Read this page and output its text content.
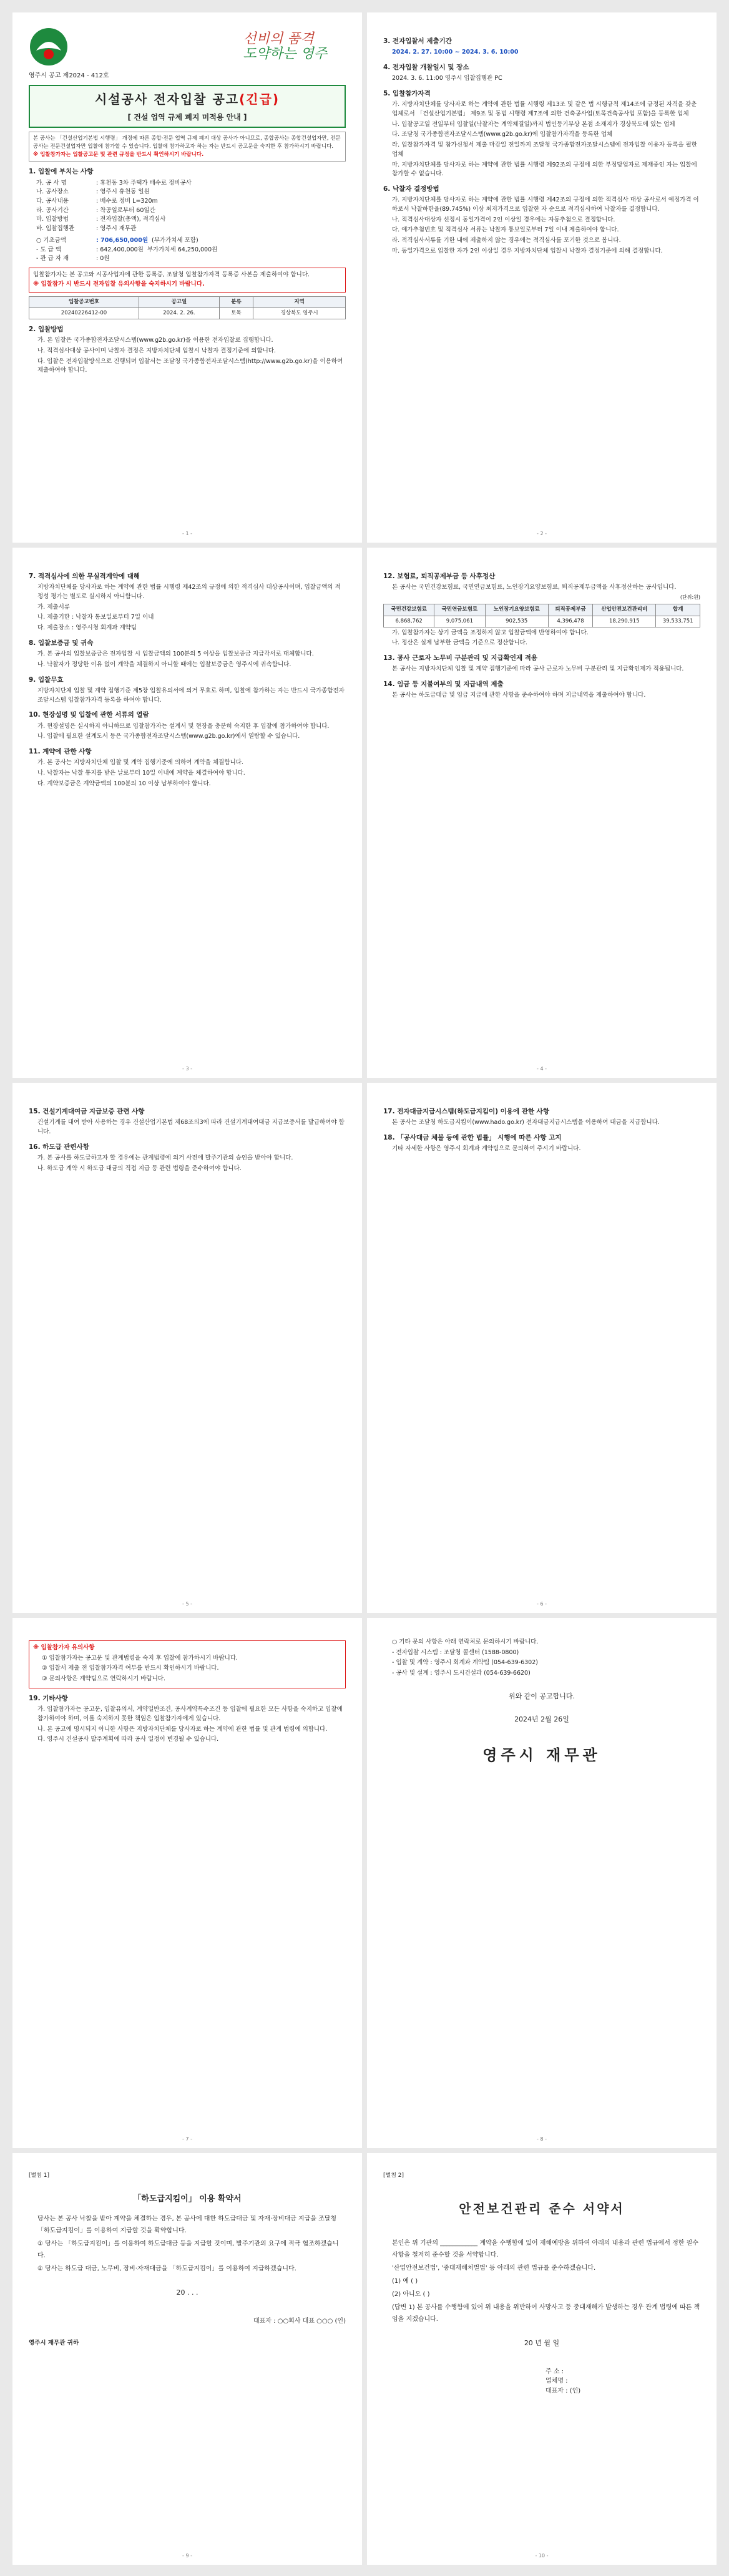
선비의 품격
도약하는 영주
영주시 공고 제2024 - 412호
시설공사 전자입찰 공고(긴급)
[ 건설 업역 규제 폐지 미적용 안내 ]
본 공사는 「건설산업기본법 시행령」 개정에 따른 종합·전문 업역 규제 폐지 대상 공사가 아니므로, 종합공사는 종합건설업자만, 전문공사는 전문건설업자만 입찰에 참가할 수 있습니다. 입찰에 참가하고자 하는 자는 반드시 공고문을 숙지한 후 참가하시기 바랍니다.
※ 입찰참가자는 입찰공고문 및 관련 규정을 반드시 확인하시기 바랍니다.
1. 입찰에 부치는 사항
가. 공 사 명	: 휴천동 3차 주택가 배수로 정비공사
나. 공사장소	: 영주시 휴천동 일원
다. 공사내용	: 배수로 정비 L=320m
라. 공사기간	: 착공일로부터 60일간
마. 입찰방법	: 전자입찰(총액), 적격심사
바. 입찰집행관	: 영주시 재무관
○ 기초금액	: 706,650,000원 (부가가치세 포함)
- 도 급 액	: 642,400,000원 부가가치세 64,250,000원
- 관 급 자 재	: 0원
입찰참가자는 본 공고와 시공사업자에 관한 등록증, 조달청 입찰참가자격 등록증 사본을 제출하여야 합니다.
※ 입찰참가 시 반드시 전자입찰 유의사항을 숙지하시기 바랍니다.
입찰공고번호	공고일	분류	지역
20240226412-00	2024. 2. 26.	토목	경상북도 영주시
2. 입찰방법
가. 본 입찰은 국가종합전자조달시스템(www.g2b.go.kr)을 이용한 전자입찰로 집행합니다.
나. 적격심사대상 공사이며 낙찰자 결정은 지방자치단체 입찰시 낙찰자 결정기준에 의합니다.
다. 입찰은 전자입찰방식으로 진행되며 입찰서는 조달청 국가종합전자조달시스템(http://www.g2b.go.kr)을 이용하여 제출하여야 합니다.
- 1 -
3. 전자입찰서 제출기간
2024. 2. 27. 10:00 ~ 2024. 3. 6. 10:00
4. 전자입찰 개찰일시 및 장소
2024. 3. 6. 11:00 영주시 입찰집행관 PC
5. 입찰참가자격
가. 지방자치단체를 당사자로 하는 계약에 관한 법률 시행령 제13조 및 같은 법 시행규칙 제14조에 규정된 자격을 갖춘 업체로서 「건설산업기본법」 제9조 및 동법 시행령 제7조에 의한 건축공사업(토목건축공사업 포함)을 등록한 업체
나. 입찰공고일 전일부터 입찰일(낙찰자는 계약체결일)까지 법인등기부상 본점 소재지가 경상북도에 있는 업체
다. 조달청 국가종합전자조달시스템(www.g2b.go.kr)에 입찰참가자격을 등록한 업체
라. 입찰참가자격 및 참가신청서 제출 마감일 전일까지 조달청 국가종합전자조달시스템에 전자입찰 이용자 등록을 필한 업체
마. 지방자치단체를 당사자로 하는 계약에 관한 법률 시행령 제92조의 규정에 의한 부정당업자로 제재중인 자는 입찰에 참가할 수 없습니다.
6. 낙찰자 결정방법
가. 지방자치단체를 당사자로 하는 계약에 관한 법률 시행령 제42조의 규정에 의한 적격심사 대상 공사로서 예정가격 이하로서 낙찰하한율(89.745%) 이상 최저가격으로 입찰한 자 순으로 적격심사하여 낙찰자를 결정합니다.
나. 적격심사대상자 선정시 동일가격이 2인 이상일 경우에는 자동추첨으로 결정합니다.
다. 예가추첨번호 및 적격심사 서류는 낙찰자 통보일로부터 7일 이내 제출하여야 합니다.
라. 적격심사서류를 기한 내에 제출하지 않는 경우에는 적격심사를 포기한 것으로 봅니다.
마. 동일가격으로 입찰한 자가 2인 이상일 경우 지방자치단체 입찰시 낙찰자 결정기준에 의해 결정합니다.
- 2 -
7. 적격심사에 의한 무실격계약에 대해
지방자치단체를 당사자로 하는 계약에 관한 법률 시행령 제42조의 규정에 의한 적격심사 대상공사이며, 입찰금액의 적정성 평가는 별도로 실시하지 아니합니다.
가. 제출서류
나. 제출기한 : 낙찰자 통보일로부터 7일 이내
다. 제출장소 : 영주시청 회계과 계약팀
8. 입찰보증금 및 귀속
가. 본 공사의 입찰보증금은 전자입찰 시 입찰금액의 100분의 5 이상을 입찰보증금 지급각서로 대체합니다.
나. 낙찰자가 정당한 이유 없이 계약을 체결하지 아니할 때에는 입찰보증금은 영주시에 귀속합니다.
9. 입찰무효
지방자치단체 입찰 및 계약 집행기준 제5장 입찰유의서에 의거 무효로 하며, 입찰에 참가하는 자는 반드시 국가종합전자조달시스템 입찰참가자격 등록을 하여야 합니다.
10. 현장설명 및 입찰에 관한 서류의 열람
가. 현장설명은 실시하지 아니하므로 입찰참가자는 설계서 및 현장을 충분히 숙지한 후 입찰에 참가하여야 합니다.
나. 입찰에 필요한 설계도서 등은 국가종합전자조달시스템(www.g2b.go.kr)에서 열람할 수 있습니다.
11. 계약에 관한 사항
가. 본 공사는 지방자치단체 입찰 및 계약 집행기준에 의하여 계약을 체결합니다.
나. 낙찰자는 낙찰 통지를 받은 날로부터 10일 이내에 계약을 체결하여야 합니다.
다. 계약보증금은 계약금액의 100분의 10 이상 납부하여야 합니다.
- 3 -
12. 보험료, 퇴직공제부금 등 사후정산
본 공사는 국민건강보험료, 국민연금보험료, 노인장기요양보험료, 퇴직공제부금액을 사후정산하는 공사입니다.
(단위:원)
국민건강보험료	국민연금보험료	노인장기요양보험료	퇴직공제부금	산업안전보건관리비	합계
6,868,762	9,075,061	902,535	4,396,478	18,290,915	39,533,751
가. 입찰참가자는 상기 금액을 조정하지 않고 입찰금액에 반영하여야 합니다.
나. 정산은 실제 납부한 금액을 기준으로 정산합니다.
13. 공사 근로자 노무비 구분관리 및 지급확인제 적용
본 공사는 지방자치단체 입찰 및 계약 집행기준에 따라 공사 근로자 노무비 구분관리 및 지급확인제가 적용됩니다.
14. 임금 등 지불여부의 및 지급내역 제출
본 공사는 하도급대금 및 임금 지급에 관한 사항을 준수하여야 하며 지급내역을 제출하여야 합니다.
- 4 -
15. 건설기계대여금 지급보증 관련 사항
건설기계를 대여 받아 사용하는 경우 건설산업기본법 제68조의3에 따라 건설기계대여대금 지급보증서를 발급하여야 합니다.
16. 하도급 관련사항
가. 본 공사를 하도급하고자 할 경우에는 관계법령에 의거 사전에 발주기관의 승인을 받아야 합니다.
나. 하도급 계약 시 하도급 대금의 직접 지급 등 관련 법령을 준수하여야 합니다.
- 5 -
17. 전자대금지급시스템(하도급지킴이) 이용에 관한 사항
본 공사는 조달청 하도급지킴이(www.hado.go.kr) 전자대금지급시스템을 이용하여 대금을 지급합니다.
18. 「공사대금 체불 등에 관한 법률」 시행에 따른 사항 고지
기타 자세한 사항은 영주시 회계과 계약팀으로 문의하여 주시기 바랍니다.
- 6 -
※ 입찰참가자 유의사항
① 입찰참가자는 공고문 및 관계법령을 숙지 후 입찰에 참가하시기 바랍니다.
② 입찰서 제출 전 입찰참가자격 여부를 반드시 확인하시기 바랍니다.
③ 문의사항은 계약팀으로 연락하시기 바랍니다.
19. 기타사항
가. 입찰참가자는 공고문, 입찰유의서, 계약일반조건, 공사계약특수조건 등 입찰에 필요한 모든 사항을 숙지하고 입찰에 참가하여야 하며, 이를 숙지하지 못한 책임은 입찰참가자에게 있습니다.
나. 본 공고에 명시되지 아니한 사항은 지방자치단체를 당사자로 하는 계약에 관한 법률 및 관계 법령에 의합니다.
다. 영주시 건설공사 발주계획에 따라 공사 일정이 변경될 수 있습니다.
- 7 -
○ 기타 문의 사항은 아래 연락처로 문의하시기 바랍니다.
- 전자입찰 시스템 : 조달청 콜센터 (1588-0800)
- 입찰 및 계약 : 영주시 회계과 계약팀 (054-639-6302)
- 공사 및 설계 : 영주시 도시건설과 (054-639-6620)
위와 같이 공고합니다.
2024년 2월 26일
영주시 재무관
- 8 -
[별첨 1]
「하도급지킴이」 이용 확약서
당사는 본 공사 낙찰을 받아 계약을 체결하는 경우, 본 공사에 대한 하도급대금 및 자재·장비대금 지급을 조달청 「하도급지킴이」를 이용하여 지급할 것을 확약합니다.
① 당사는 「하도급지킴이」를 이용하여 하도급대금 등을 지급할 것이며, 발주기관의 요구에 적극 협조하겠습니다.
② 당사는 하도급 대금, 노무비, 장비·자재대금을 「하도급지킴이」를 이용하여 지급하겠습니다.
20 . . .
대표자 : ○○회사 대표 ○○○ (인)
영주시 재무관 귀하
- 9 -
[별첨 2]
안전보건관리 준수 서약서
본인은 위 기관의 ____________ 계약을 수행함에 있어 재해예방을 위하여 아래의 내용과 관련 법규에서 정한 필수사항을 철저히 준수할 것을 서약합니다.
'산업안전보건법', '중대재해처벌법' 등 아래의 관련 법규를 준수하겠습니다.
(1) 예 ( )
(2) 아니오 ( )
(답변 1) 본 공사를 수행함에 있어 위 내용을 위반하여 사망사고 등 중대재해가 발생하는 경우 관계 법령에 따른 책임을 지겠습니다.
20 년 월 일
주 소 :
업체명 :
대표자 : (인)
- 10 -
